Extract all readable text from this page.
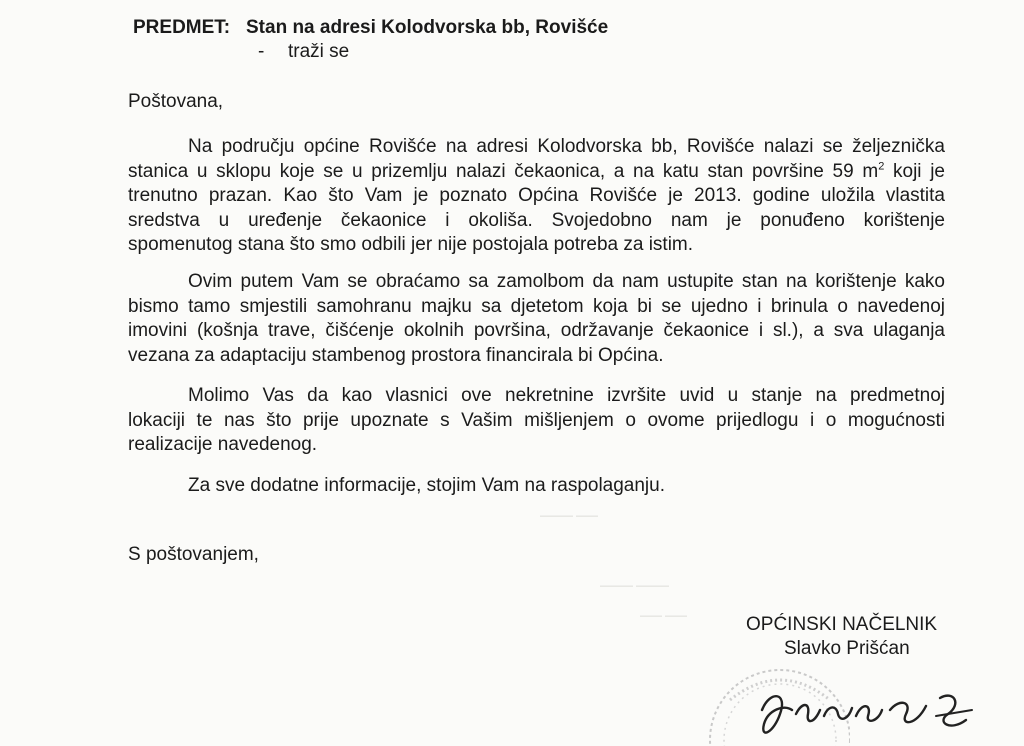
PREDMET: Stan na adresi Kolodvorska bb, Rovišće
- traži se
Poštovana,
Na području općine Rovišće na adresi Kolodvorska bb, Rovišće nalazi se željeznička
stanica u sklopu koje se u prizemlju nalazi čekaonica, a na katu stan površine 59 $m^2$ koji je
trenutno prazan. Kao što Vam je poznato Općina Rovišće je 2013. godine uložila vlastita
sredstva u uređenje čekaonice i okoliša. Svojedobno nam je ponuđeno korištenje
spomenutog stana što smo odbili jer nije postojala potreba za istim.
Ovim putem Vam se obraćamo sa zamolbom da nam ustupite stan na korištenje kako
bismo tamo smjestili samohranu majku sa djetetom koja bi se ujedno i brinula o navedenoj
imovini (košnja trave, čišćenje okolnih površina, održavanje čekaonice i sl.), a sva ulaganja
vezana za adaptaciju stambenog prostora financirala bi Općina.
Molimo Vas da kao vlasnici ove nekretnine izvršite uvid u stanje na predmetnoj
lokaciji te nas što prije upoznate s Vašim mišljenjem o ovome prijedlogu i o mogućnosti
realizacije navedenog.
Za sve dodatne informacije, stojim Vam na raspolaganju.
S poštovanjem,
——— ——
——— ———
—— ——	OPĆINSKI NAČELNIK
Slavko Prišćan
